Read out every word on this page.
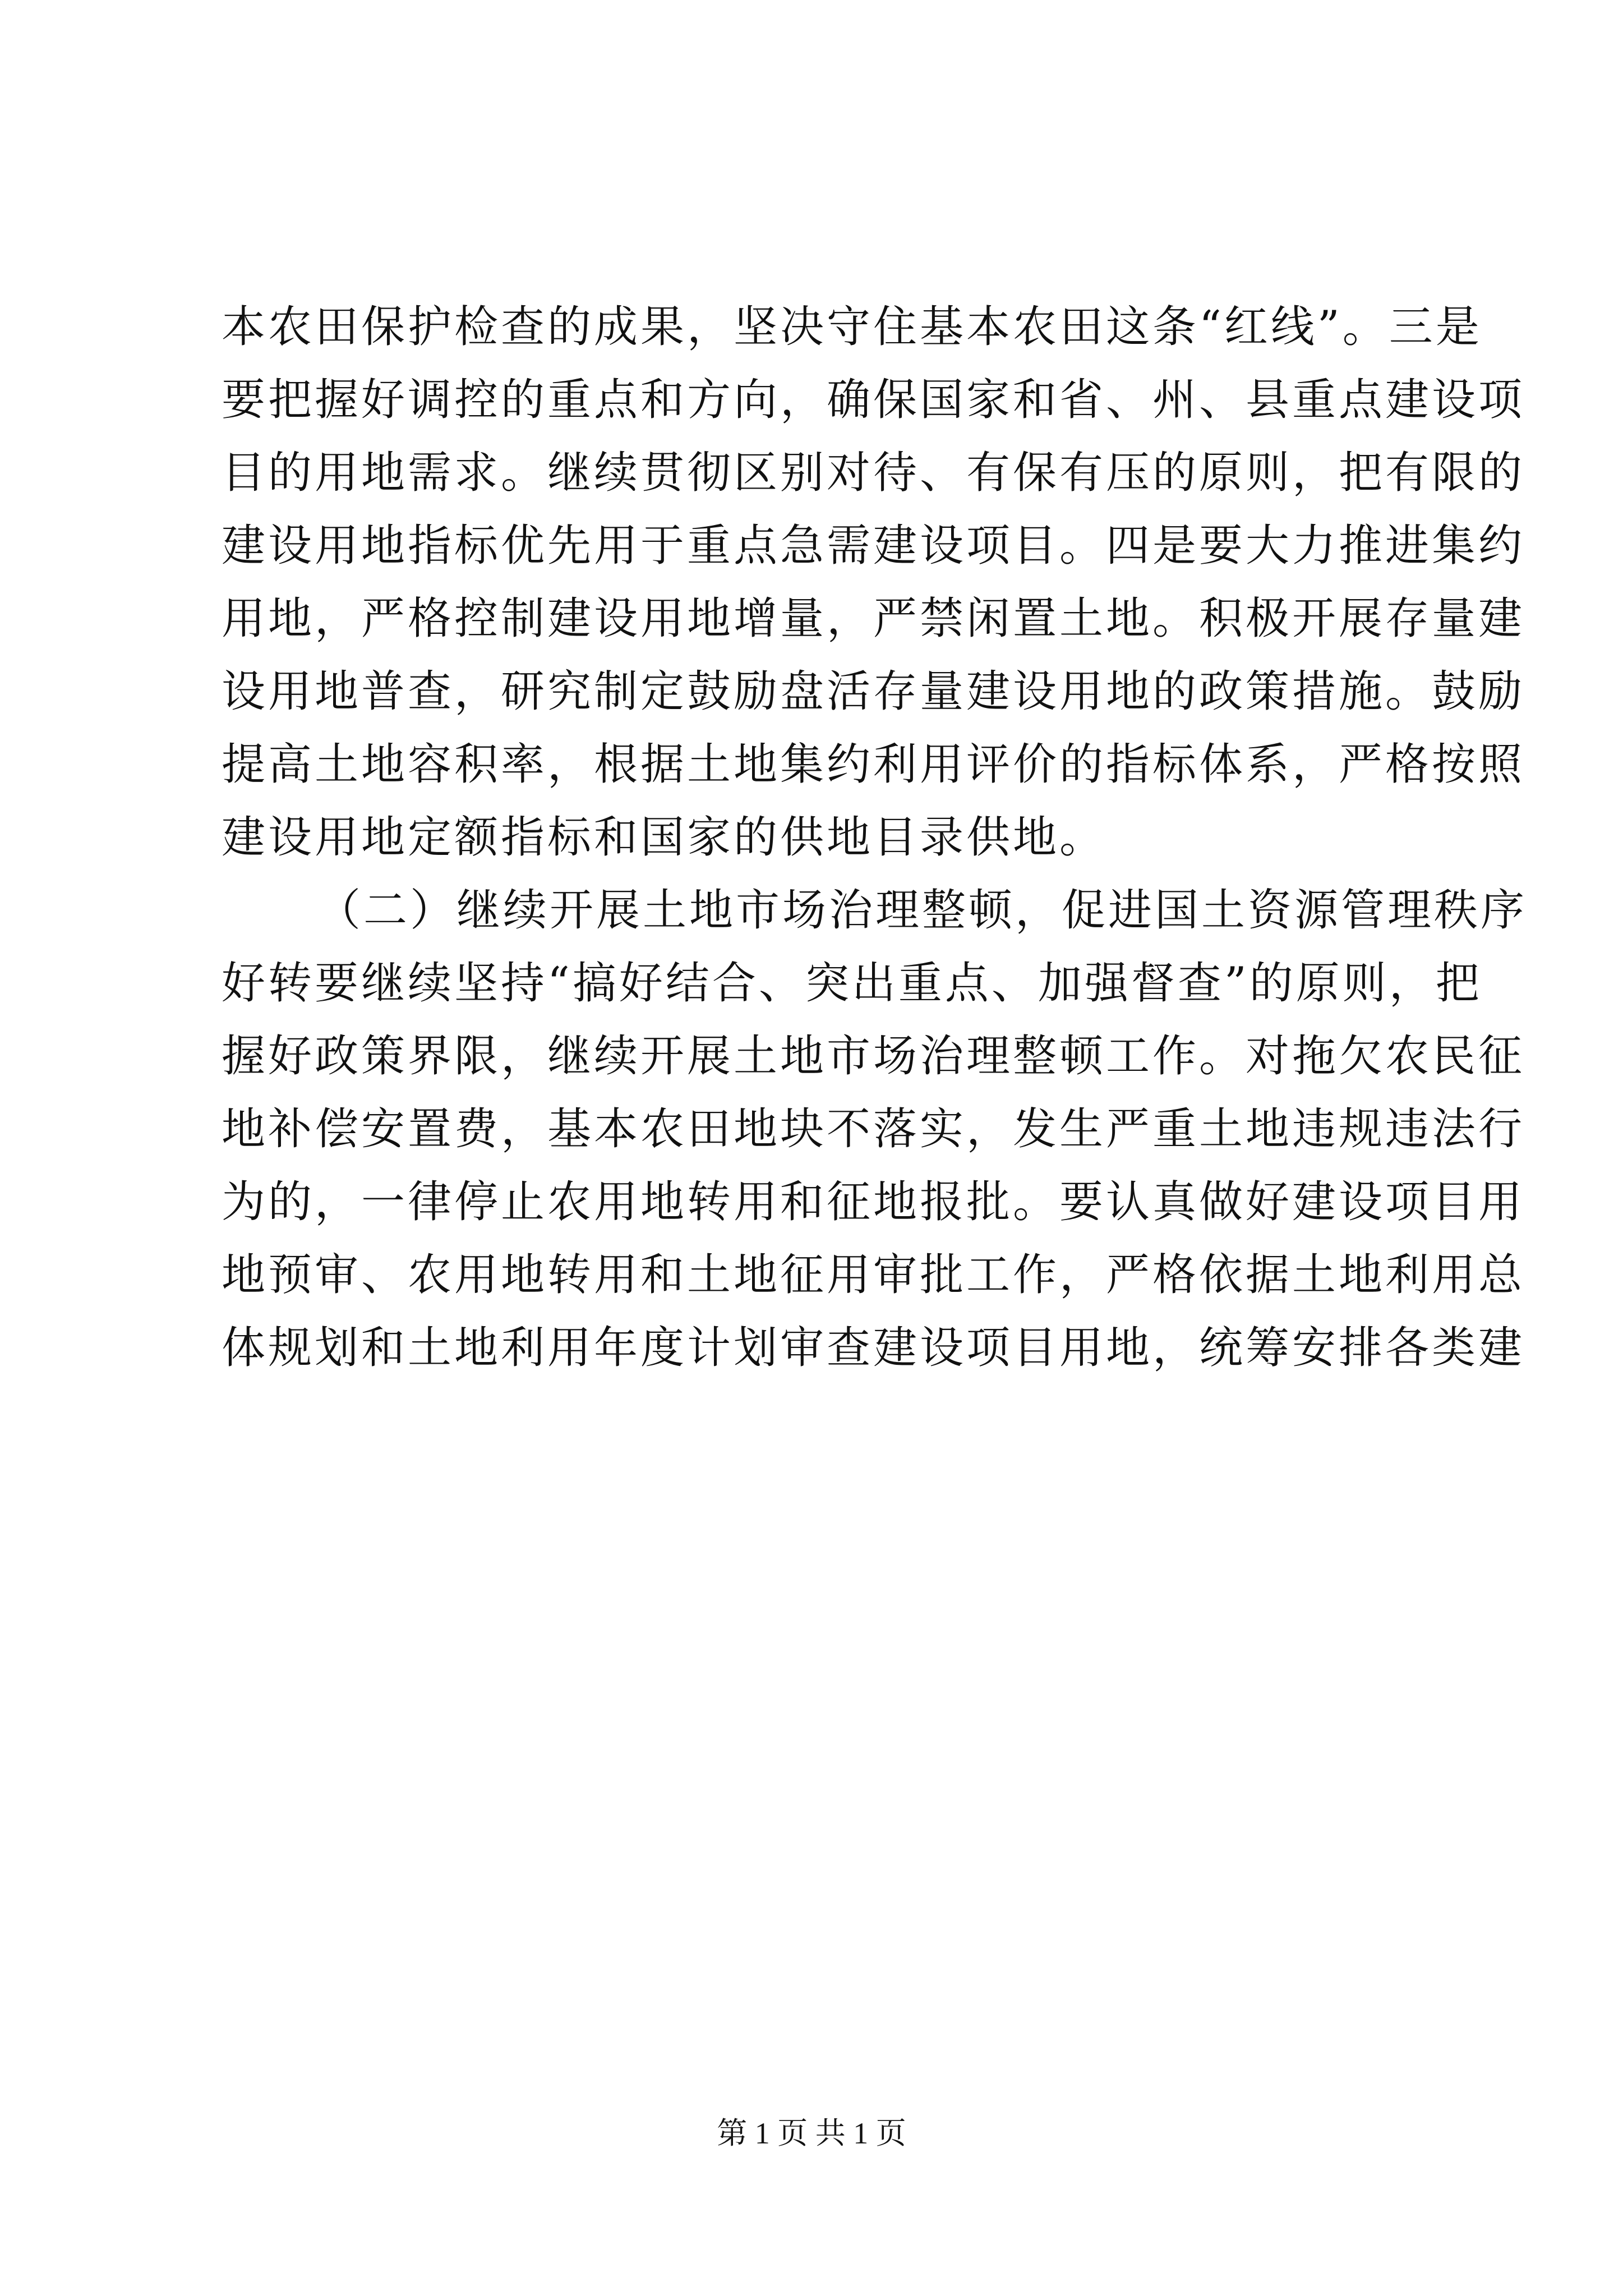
本农田保护检查的成果，坚决守住基本农田这条“红线”。三是
要把握好调控的重点和方向，确保国家和省、州、县重点建设项
目的用地需求。继续贯彻区别对待、有保有压的原则，把有限的
建设用地指标优先用于重点急需建设项目。四是要大力推进集约
用地，严格控制建设用地增量，严禁闲置土地。积极开展存量建
设用地普查，研究制定鼓励盘活存量建设用地的政策措施。鼓励
提高土地容积率，根据土地集约利用评价的指标体系，严格按照
建设用地定额指标和国家的供地目录供地。
（二）继续开展土地市场治理整顿，促进国土资源管理秩序
好转要继续坚持“搞好结合、突出重点、加强督查”的原则，把
握好政策界限，继续开展土地市场治理整顿工作。对拖欠农民征
地补偿安置费，基本农田地块不落实，发生严重土地违规违法行
为的，一律停止农用地转用和征地报批。要认真做好建设项目用
地预审、农用地转用和土地征用审批工作，严格依据土地利用总
体规划和土地利用年度计划审查建设项目用地，统筹安排各类建
第 1 页 共 1 页
